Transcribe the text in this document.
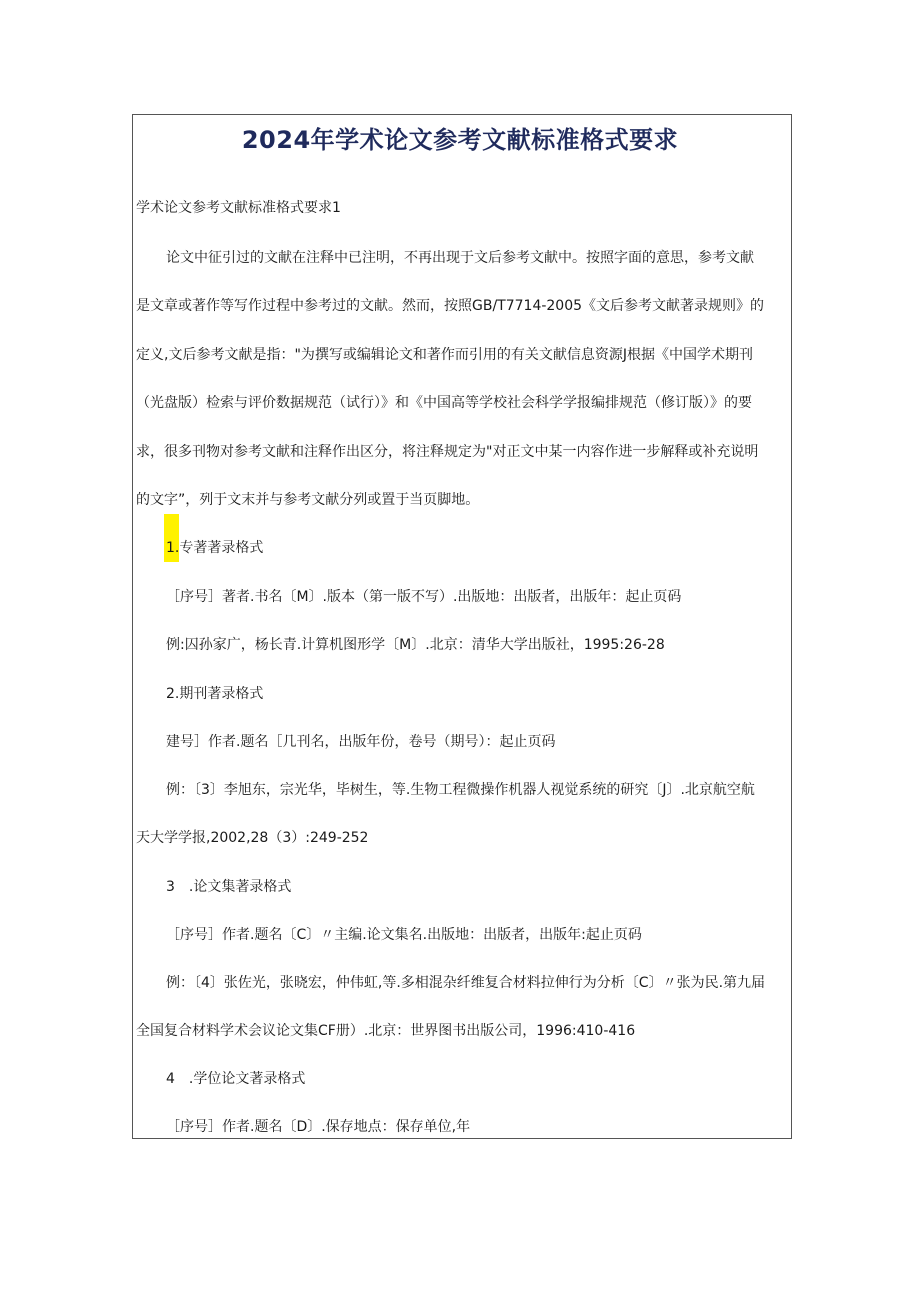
2024年学术论文参考文献标准格式要求
学术论文参考文献标准格式要求1
论文中征引过的文献在注释中已注明，不再出现于文后参考文献中。按照字面的意思，参考文献
是文章或著作等写作过程中参考过的文献。然而，按照GB/T7714-2005《文后参考文献著录规则》的
定义,文后参考文献是指："为撰写或编辑论文和著作而引用的有关文献信息资源J根据《中国学术期刊
（光盘版）检索与评价数据规范（试行）》和《中国高等学校社会科学学报编排规范（修订版）》的要
求，很多刊物对参考文献和注释作出区分，将注释规定为"对正文中某一内容作进一步解释或补充说明
的文字”，列于文末并与参考文献分列或置于当页脚地。
1.专著著录格式
［序号］著者.书名〔M〕.版本（第一版不写）.出版地：出版者，出版年：起止页码
例:囚孙家广，杨长青.计算机图形学〔M〕.北京：清华大学出版社，1995:26-28
2.期刊著录格式
建号］作者.题名［几刊名，出版年份，卷号（期号）：起止页码
例：〔3〕李旭东，宗光华，毕树生，等.生物工程微操作机器人视觉系统的研究〔J〕.北京航空航
天大学学报,2002,28（3）:249-252
3　.论文集著录格式
［序号］作者.题名〔C〕〃主编.论文集名.出版地：出版者，出版年:起止页码
例：〔4〕张佐光，张晓宏，仲伟虹,等.多相混杂纤维复合材料拉伸行为分析〔C〕〃张为民.第九届
全国复合材料学术会议论文集CF册）.北京：世界图书出版公司，1996:410-416
4　.学位论文著录格式
［序号］作者.题名〔D〕.保存地点：保存单位,年
